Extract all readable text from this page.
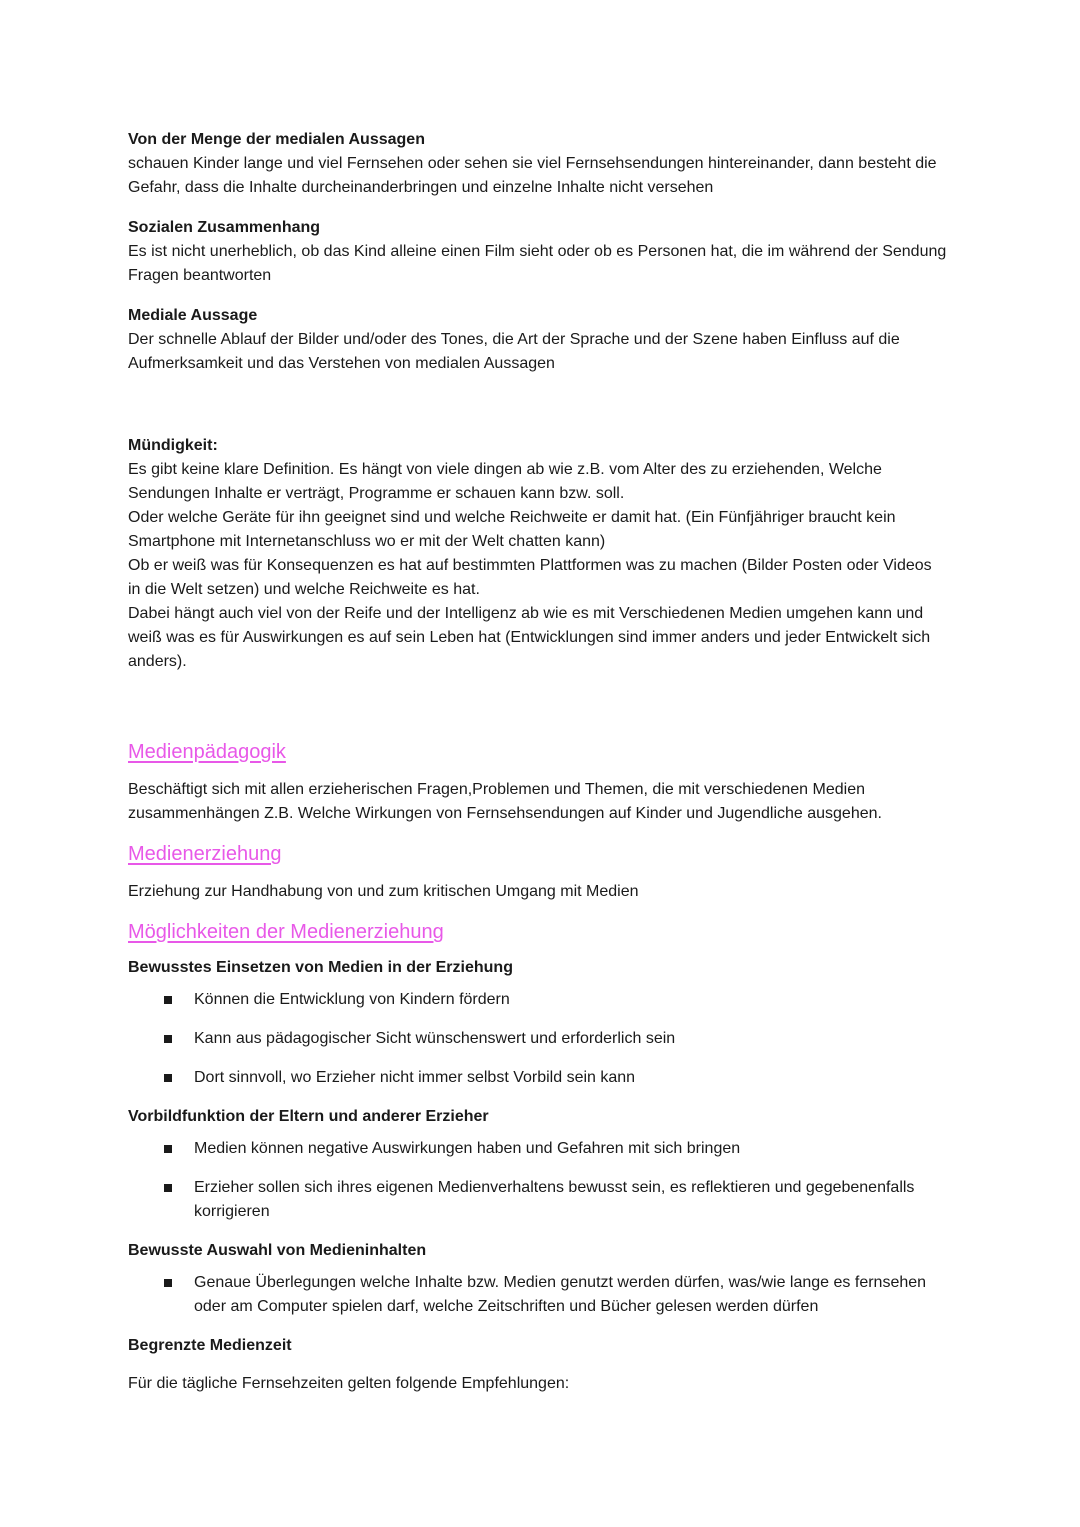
Von der Menge der medialen Aussagen

schauen Kinder lange und viel Fernsehen oder sehen sie viel Fernsehsendungen hintereinander, dann besteht die Gefahr, dass die Inhalte durcheinanderbringen und einzelne Inhalte nicht versehen

Sozialen Zusammenhang

Es ist nicht unerheblich, ob das Kind alleine einen Film sieht oder ob es Personen hat, die im während der Sendung Fragen beantworten

Mediale Aussage

Der schnelle Ablauf der Bilder und/oder des Tones, die Art der Sprache und der Szene haben Einfluss auf die Aufmerksamkeit und das Verstehen von medialen Aussagen

Mündigkeit:

Es gibt keine klare Definition. Es hängt von viele dingen ab wie z.B. vom Alter des zu erziehenden, Welche Sendungen Inhalte er verträgt, Programme er schauen kann bzw. soll.

Oder welche Geräte für ihn geeignet sind und welche Reichweite er damit hat. (Ein Fünfjähriger braucht kein Smartphone mit Internetanschluss wo er mit der Welt chatten kann)

Ob er weiß was für Konsequenzen es hat auf bestimmten Plattformen was zu machen (Bilder Posten oder Videos in die Welt setzen) und welche Reichweite es hat.

Dabei hängt auch viel von der Reife und der Intelligenz ab wie es mit Verschiedenen Medien umgehen kann und weiß was es für Auswirkungen es auf sein Leben hat (Entwicklungen sind immer anders und jeder Entwickelt sich anders).

Medienpädagogik

Beschäftigt sich mit allen erzieherischen Fragen,Problemen und Themen, die mit verschiedenen Medien zusammenhängen Z.B. Welche Wirkungen von Fernsehsendungen auf Kinder und Jugendliche ausgehen.

Medienerziehung

Erziehung zur Handhabung von und zum kritischen Umgang mit Medien

Möglichkeiten der Medienerziehung

Bewusstes Einsetzen von Medien in der Erziehung

Können die Entwicklung von Kindern fördern
Kann aus pädagogischer Sicht wünschenswert und erforderlich sein
Dort sinnvoll, wo Erzieher nicht immer selbst Vorbild sein kann

Vorbildfunktion der Eltern und anderer Erzieher

Medien können negative Auswirkungen haben und Gefahren mit sich bringen
Erzieher sollen sich ihres eigenen Medienverhaltens bewusst sein, es reflektieren und gegebenenfalls korrigieren

Bewusste Auswahl von Medieninhalten

Genaue Überlegungen welche Inhalte bzw. Medien genutzt werden dürfen, was/wie lange es fernsehen oder am Computer spielen darf, welche Zeitschriften und Bücher gelesen werden dürfen

Begrenzte Medienzeit

Für die tägliche Fernsehzeiten gelten folgende Empfehlungen:
